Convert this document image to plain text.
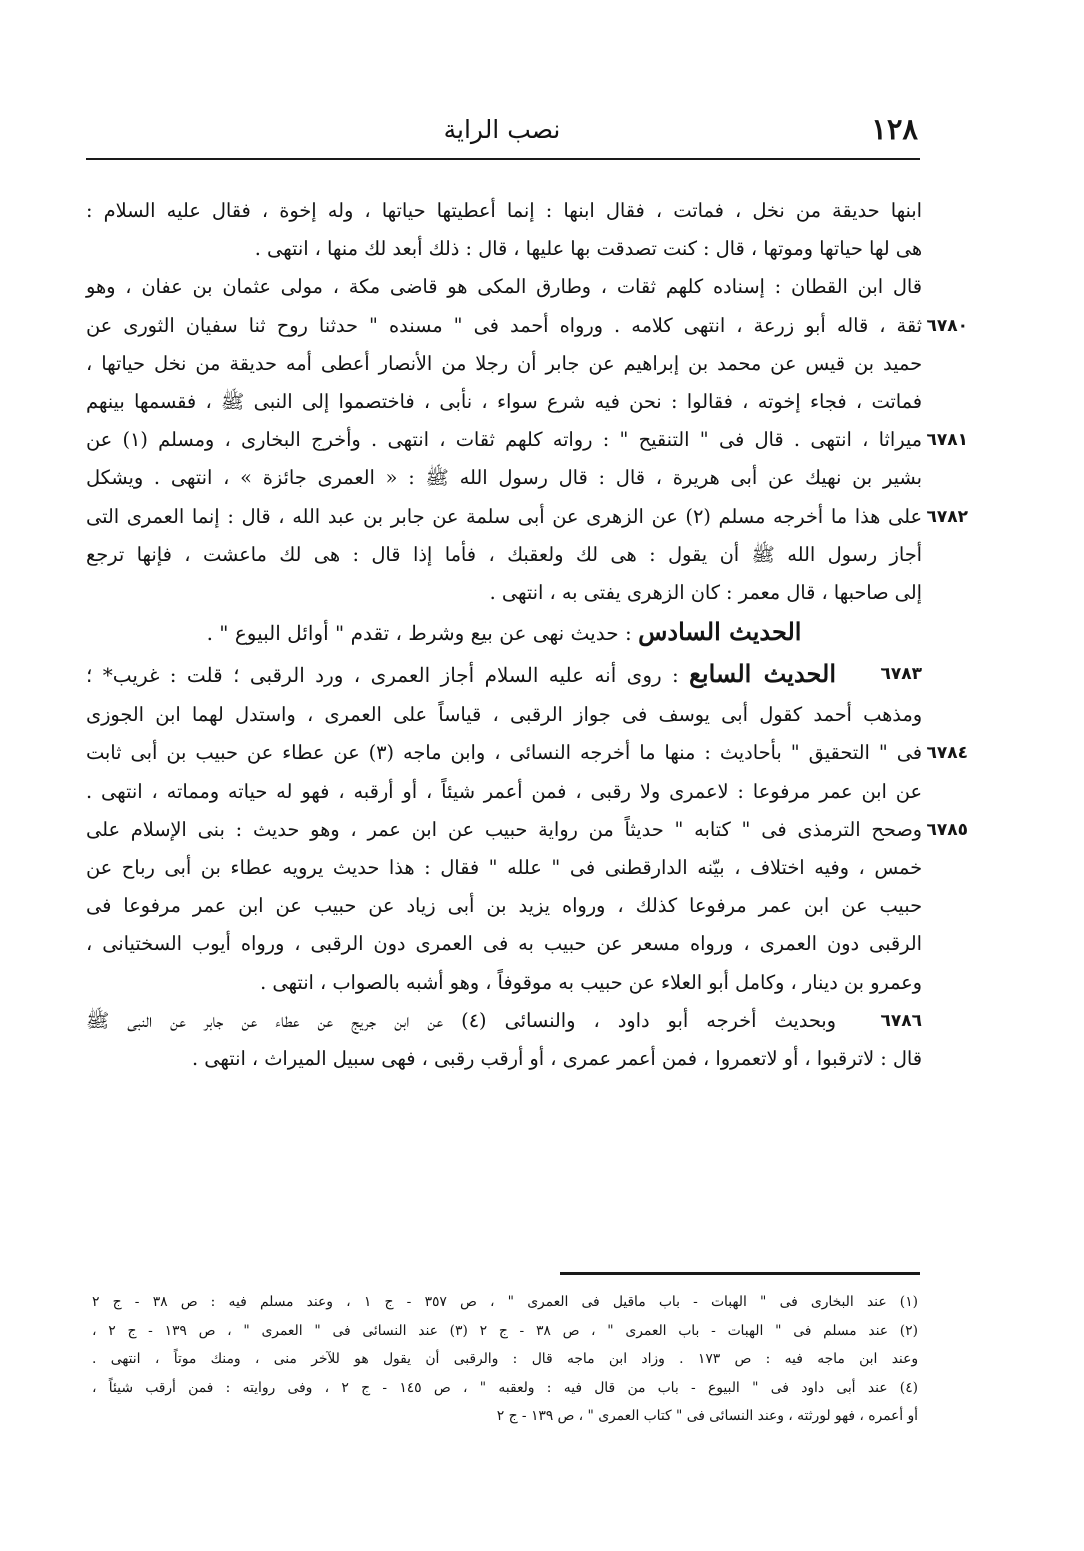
١٢٨
نصب الراية
ابنها حديقة من نخل ، فماتت ، فقال ابنها : إنما أعطيتها حياتها ، وله إخوة ، فقال عليه السلام :
هى لها حياتها وموتها ، قال : كنت تصدقت بها عليها ، قال : ذلك أبعد لك منها ، انتهى .
قال ابن القطان : إسناده كلهم ثقات ، وطارق المكى هو قاضى مكة ، مولى عثمان بن عفان ، وهو
٦٧٨٠
ثقة ، قاله أبو زرعة ، انتهى كلامه . ورواه أحمد فى " مسنده " حدثنا روح ثنا سفيان الثورى عن
حميد بن قيس عن محمد بن إبراهيم عن جابر أن رجلا من الأنصار أعطى أمه حديقة من نخل حياتها ،
فماتت ، فجاء إخوته ، فقالوا : نحن فيه شرع سواء ، نأبى ، فاختصموا إلى النبى ﷺ ، فقسمها بينهم
٦٧٨١
ميراثا ، انتهى . قال فى " التنقيح " : رواته كلهم ثقات ، انتهى . وأخرج البخارى ، ومسلم (١) عن
بشير بن نهيك عن أبى هريرة ، قال : قال رسول الله ﷺ : « العمرى جائزة » ، انتهى . ويشكل
٦٧٨٢
على هذا ما أخرجه مسلم (٢) عن الزهرى عن أبى سلمة عن جابر بن عبد الله ، قال : إنما العمرى التى
أجاز رسول الله ﷺ أن يقول : هى لك ولعقبك ، فأما إذا قال : هى لك ماعشت ، فإنها ترجع
إلى صاحبها ، قال معمر : كان الزهرى يفتى به ، انتهى .
الحديث السادس : حديث نهى عن بيع وشرط ، تقدم " أوائل البيوع " .
٦٧٨٣
الحديث السابع : روى أنه عليه السلام أجاز العمرى ، ورد الرقبى ؛ قلت : غريب* ؛
ومذهب أحمد كقول أبى يوسف فى جواز الرقبى ، قياساً على العمرى ، واستدل لهما ابن الجوزى
٦٧٨٤
فى " التحقيق " بأحاديث : منها ما أخرجه النسائى ، وابن ماجه (٣) عن عطاء عن حبيب بن أبى ثابت
عن ابن عمر مرفوعا : لاعمرى ولا رقبى ، فمن أعمر شيئاً ، أو أرقبه ، فهو له حياته ومماته ، انتهى .
٦٧٨٥
وصحح الترمذى فى " كتابه " حديثاً من رواية حبيب عن ابن عمر ، وهو حديث : بنى الإسلام على
خمس ، وفيه اختلاف ، بيّنه الدارقطنى فى " علله " فقال : هذا حديث يرويه عطاء بن أبى رباح عن
حبيب عن ابن عمر مرفوعا كذلك ، ورواه يزيد بن أبى زياد عن حبيب عن ابن عمر مرفوعا فى
الرقبى دون العمرى ، ورواه مسعر عن حبيب به فى العمرى دون الرقبى ، ورواه أيوب السختيانى ،
وعمرو بن دينار ، وكامل أبو العلاء عن حبيب به موقوفاً ، وهو أشبه بالصواب ، انتهى .
٦٧٨٦
وبحديث أخرجه أبو داود ، والنسائى (٤) عن ابن جريج عن عطاء عن جابر عن النبى ﷺ
قال : لاترقبوا ، أو لاتعمروا ، فمن أعمر عمرى ، أو أرقب رقبى ، فهى سبيل الميراث ، انتهى .
(١) عند البخارى فى " الهبات - باب ماقيل فى العمرى " ، ص ٣٥٧ - ج ١ ، وعند مسلم فيه : ص ٣٨ - ج ٢
(٢) عند مسلم فى " الهبات - باب العمرى " ، ص ٣٨ - ج ٢ (٣) عند النسائى فى " العمرى " ، ص ١٣٩ - ج ٢ ،
وعند ابن ماجه فيه : ص ١٧٣ . وزاد ابن ماجه قال : والرقبى أن يقول هو للآخر منى ، ومنك موتاً ، انتهى .
(٤) عند أبى داود فى " البيوع - باب من قال فيه : ولعقبه " ، ص ١٤٥ - ج ٢ ، وفى روايته : فمن أرقب شيئاً ،
أو أعمره ، فهو لورثته ، وعند النسائى فى " كتاب العمرى " ، ص ١٣٩ - ج ٢
